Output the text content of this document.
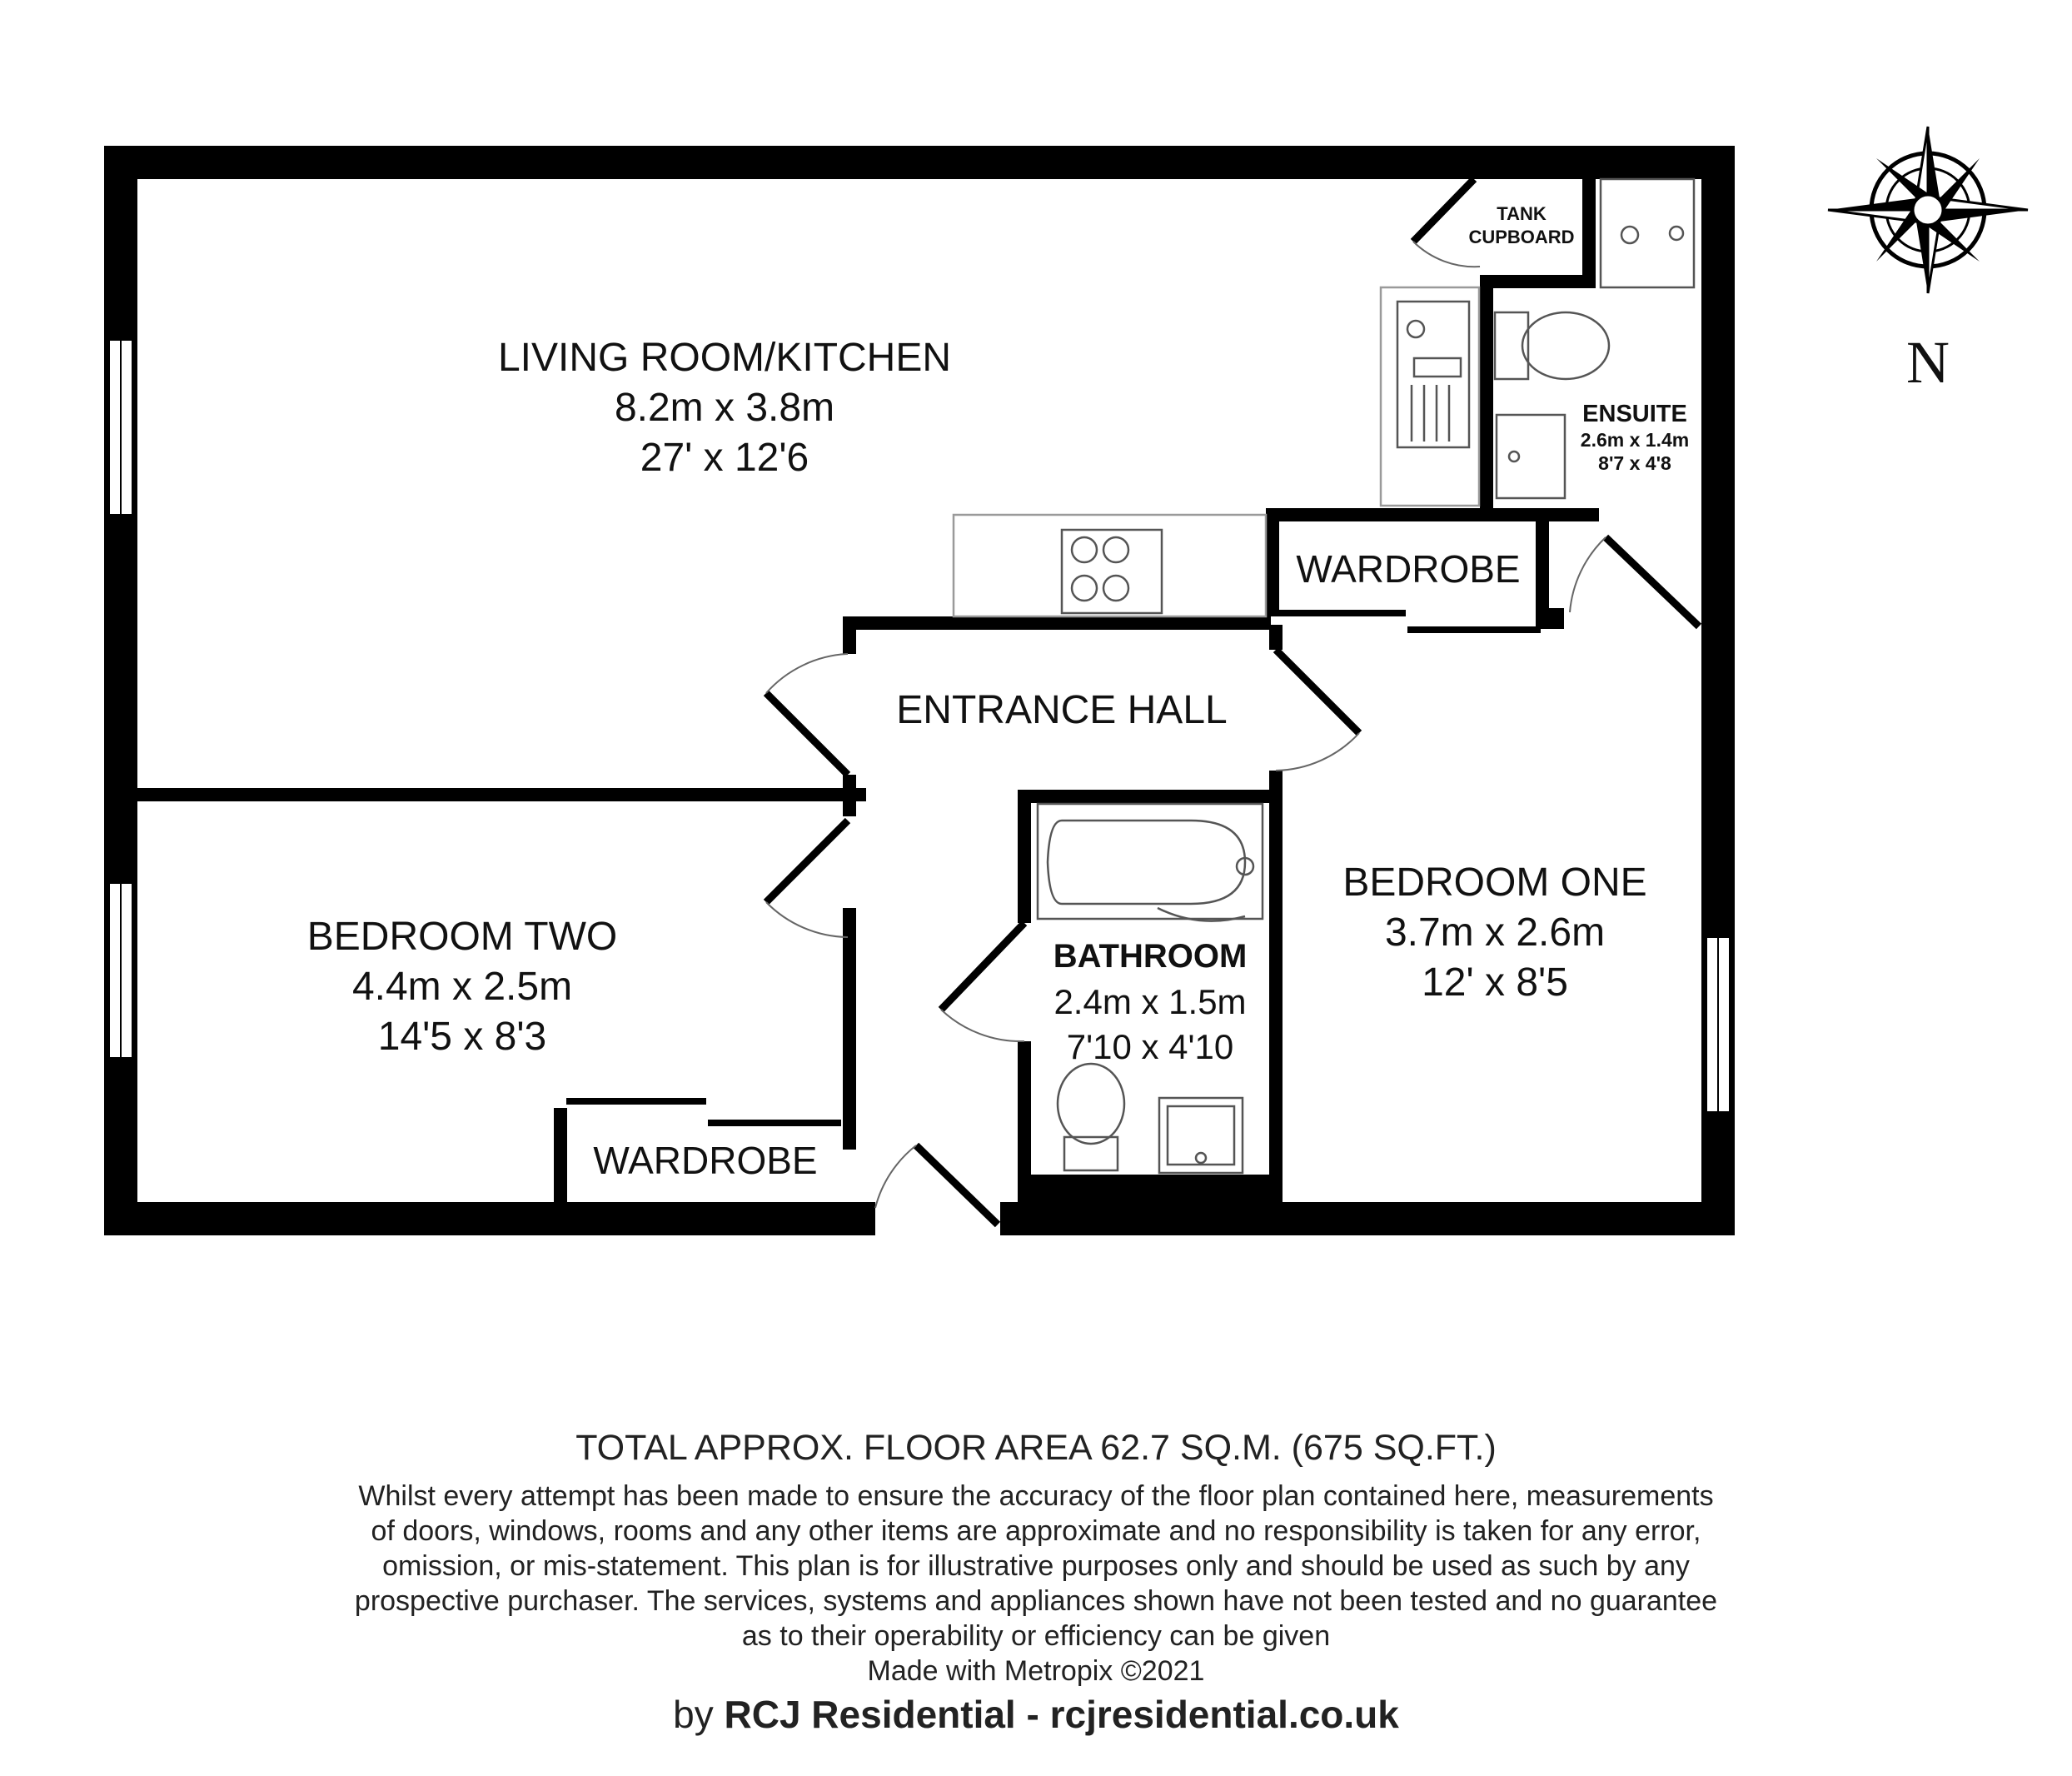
LIVING ROOM/KITCHEN
8.2m x 3.8m
27' x 12'6
BEDROOM TWO
4.4m x 2.5m
14'5 x 8'3
BEDROOM ONE
3.7m x 2.6m
12' x 8'5
BATHROOM
2.4m x 1.5m
7'10 x 4'10
ENSUITE
2.6m x 1.4m
8'7 x 4'8
ENTRANCE HALL
TANK
CUPBOARD
WARDROBE
WARDROBE
N
TOTAL APPROX. FLOOR AREA 62.7 SQ.M. (675 SQ.FT.)
Whilst every attempt has been made to ensure the accuracy of the floor plan contained here, measurements
of doors, windows, rooms and any other items are approximate and no responsibility is taken for any error,
omission, or mis-statement. This plan is for illustrative purposes only and should be used as such by any
prospective purchaser. The services, systems and appliances shown have not been tested and no guarantee
as to their operability or efficiency can be given
Made with Metropix ©2021
by RCJ Residential - rcjresidential.co.uk
